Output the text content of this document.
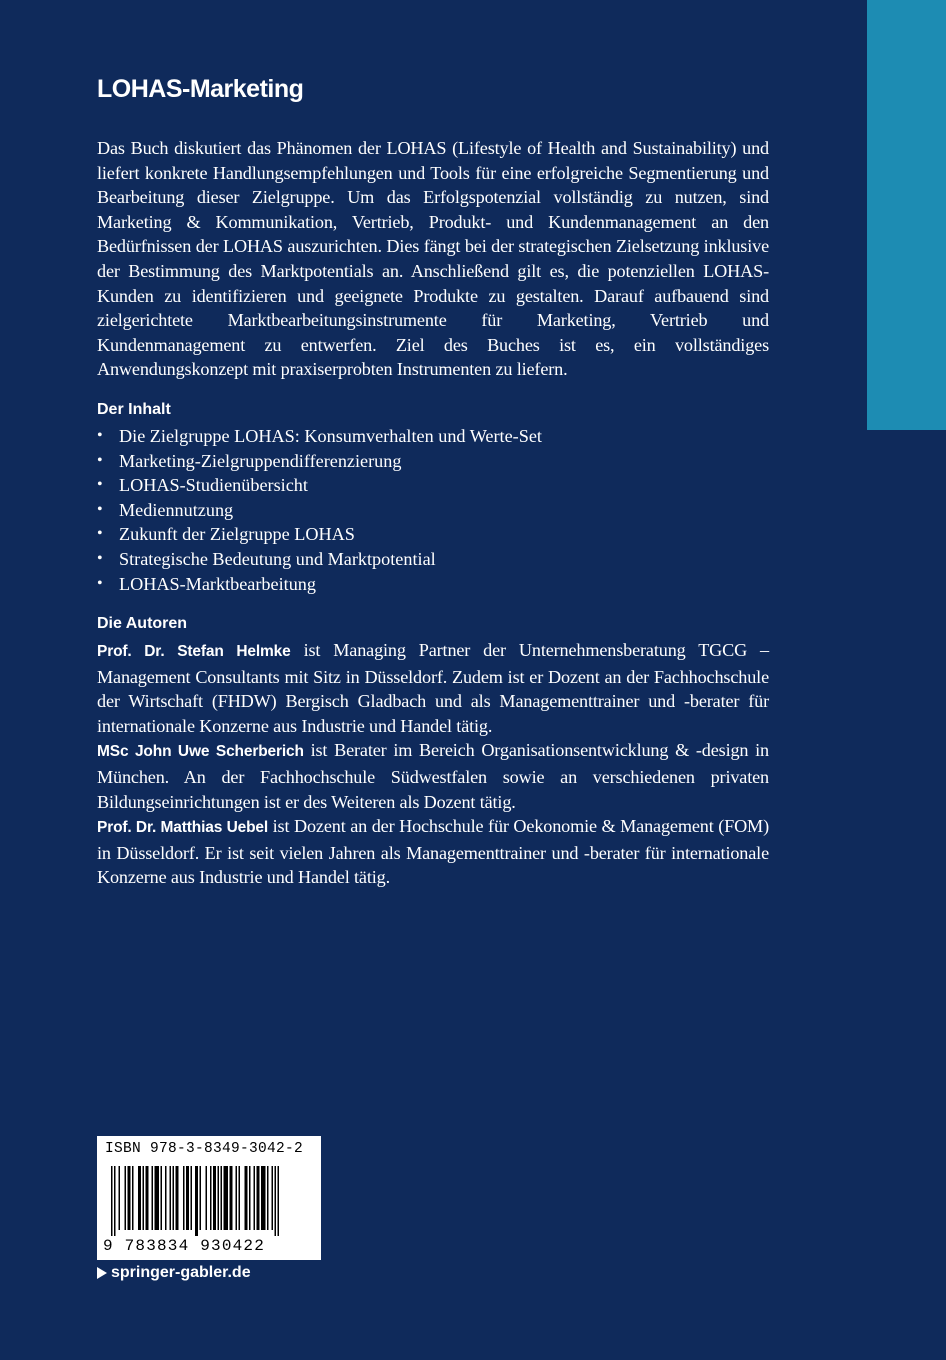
LOHAS-Marketing

Das Buch diskutiert das Phänomen der LOHAS (Lifestyle of Health and Sustainability) und liefert konkrete Handlungsempfehlungen und Tools für eine erfolgreiche Segmentierung und Bearbeitung dieser Zielgruppe. Um das Erfolgspotenzial vollständig zu nutzen, sind Marketing & Kommunikation, Vertrieb, Produkt- und Kundenmanagement an den Bedürfnissen der LOHAS auszurichten. Dies fängt bei der strategischen Zielsetzung inklusive der Bestimmung des Marktpotentials an. Anschließend gilt es, die potenziellen LOHAS-Kunden zu identifizieren und geeignete Produkte zu gestalten. Darauf aufbauend sind zielgerichtete Marktbearbeitungsinstrumente für Marketing, Vertrieb und Kundenmanagement zu entwerfen. Ziel des Buches ist es, ein vollständiges Anwendungskonzept mit praxiserprobten Instrumenten zu liefern.

Der Inhalt
• Die Zielgruppe LOHAS: Konsumverhalten und Werte-Set
• Marketing-Zielgruppendifferenzierung
• LOHAS-Studienübersicht
• Mediennutzung
• Zukunft der Zielgruppe LOHAS
• Strategische Bedeutung und Marktpotential
• LOHAS-Marktbearbeitung
Die Autoren

Prof. Dr. Stefan Helmke ist Managing Partner der Unternehmensberatung TGCG – Management Consultants mit Sitz in Düsseldorf. Zudem ist er Dozent an der Fachhochschule der Wirtschaft (FHDW) Bergisch Gladbach und als Managementtrainer und -berater für internationale Konzerne aus Industrie und Handel tätig.

MSc John Uwe Scherberich ist Berater im Bereich Organisationsentwicklung & -design in München. An der Fachhochschule Südwestfalen sowie an verschiedenen privaten Bildungseinrichtungen ist er des Weiteren als Dozent tätig.

Prof. Dr. Matthias Uebel ist Dozent an der Hochschule für Oekonomie & Management (FOM) in Düsseldorf. Er ist seit vielen Jahren als Managementtrainer und -berater für internationale Konzerne aus Industrie und Handel tätig.

ISBN 978-3-8349-3042-2
9 783834 930422
springer-gabler.de
